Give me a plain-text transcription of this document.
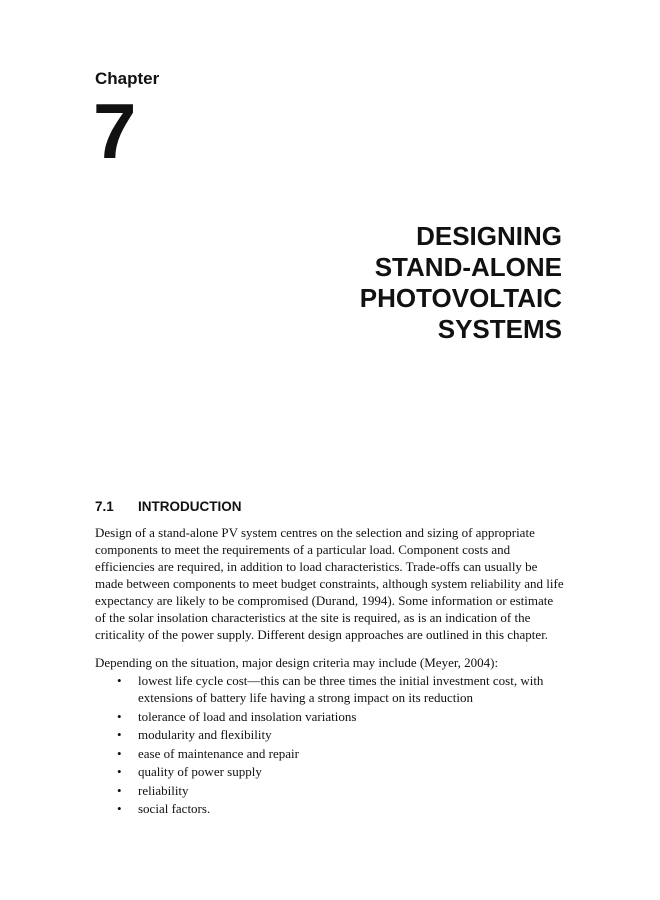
Chapter
7
DESIGNING
STAND-ALONE
PHOTOVOLTAIC
SYSTEMS
7.1 INTRODUCTION

Design of a stand-alone PV system centres on the selection and sizing of appropriate components to meet the requirements of a particular load. Component costs and efficiencies are required, in addition to load characteristics. Trade-offs can usually be made between components to meet budget constraints, although system reliability and life expectancy are likely to be compromised (Durand, 1994). Some information or estimate of the solar insolation characteristics at the site is required, as is an indication of the criticality of the power supply. Different design approaches are outlined in this chapter.

Depending on the situation, major design criteria may include (Meyer, 2004):

• lowest life cycle cost—this can be three times the initial investment cost, with extensions of battery life having a strong impact on its reduction
• tolerance of load and insolation variations
• modularity and flexibility
• ease of maintenance and repair
• quality of power supply
• reliability
• social factors.
